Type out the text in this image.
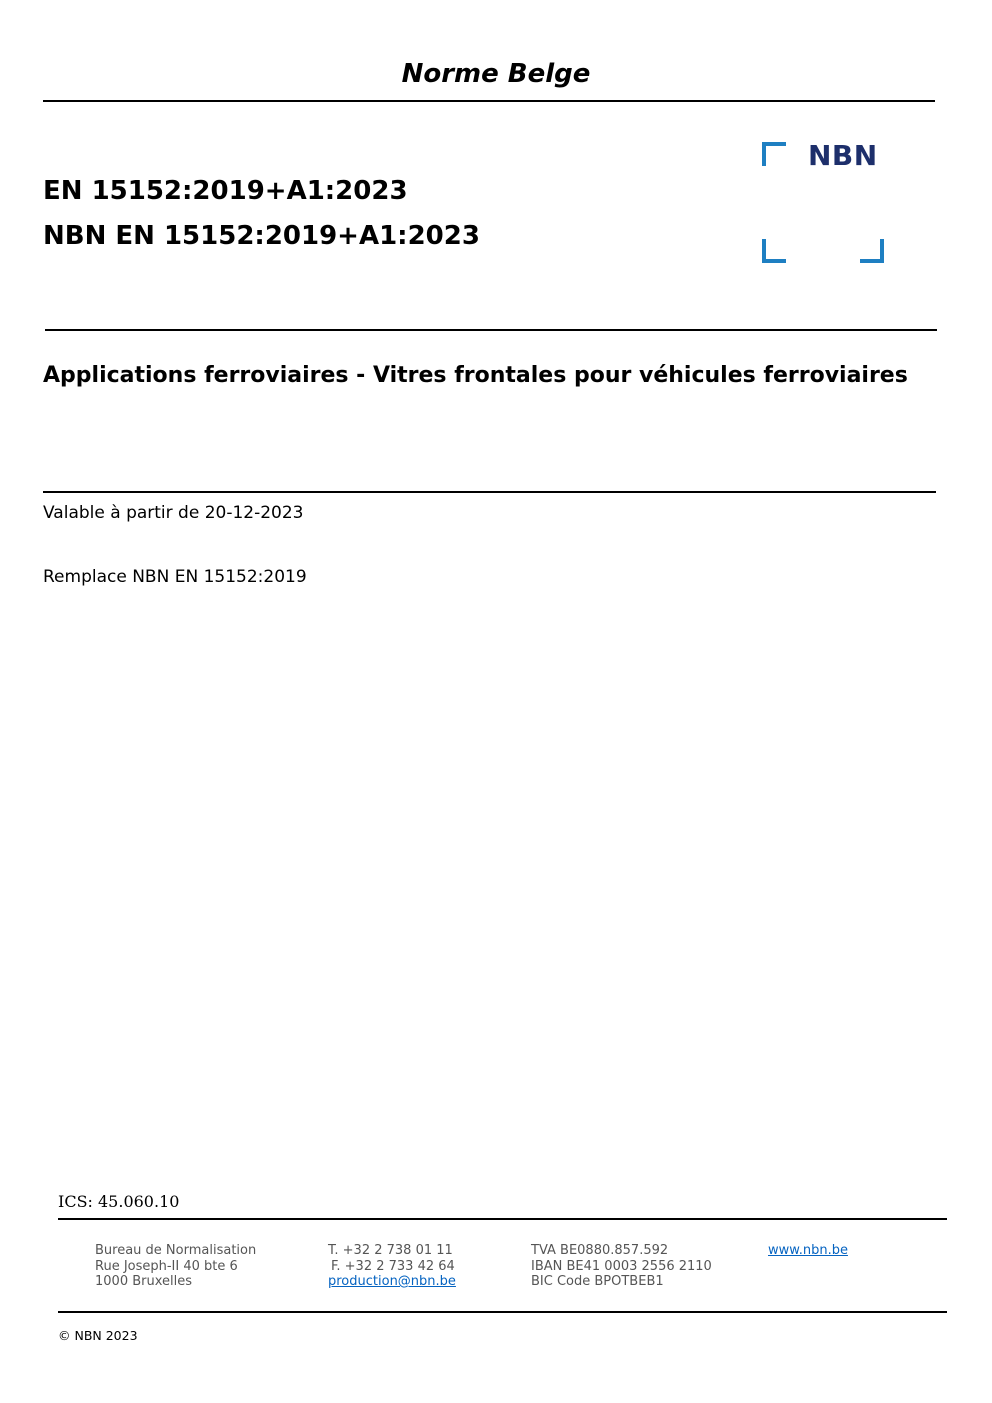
Norme Belge
EN 15152:2019+A1:2023
NBN EN 15152:2019+A1:2023
NBN
Applications ferroviaires - Vitres frontales pour véhicules ferroviaires
Valable à partir de 20-12-2023
Remplace NBN EN 15152:2019
ICS: 45.060.10
Bureau de Normalisation
Rue Joseph-II 40 bte 6
1000 Bruxelles
T. +32 2 738 01 11
F. +32 2 733 42 64
production@nbn.be
TVA BE0880.857.592
IBAN BE41 0003 2556 2110
BIC Code BPOTBEB1
www.nbn.be
© NBN 2023
